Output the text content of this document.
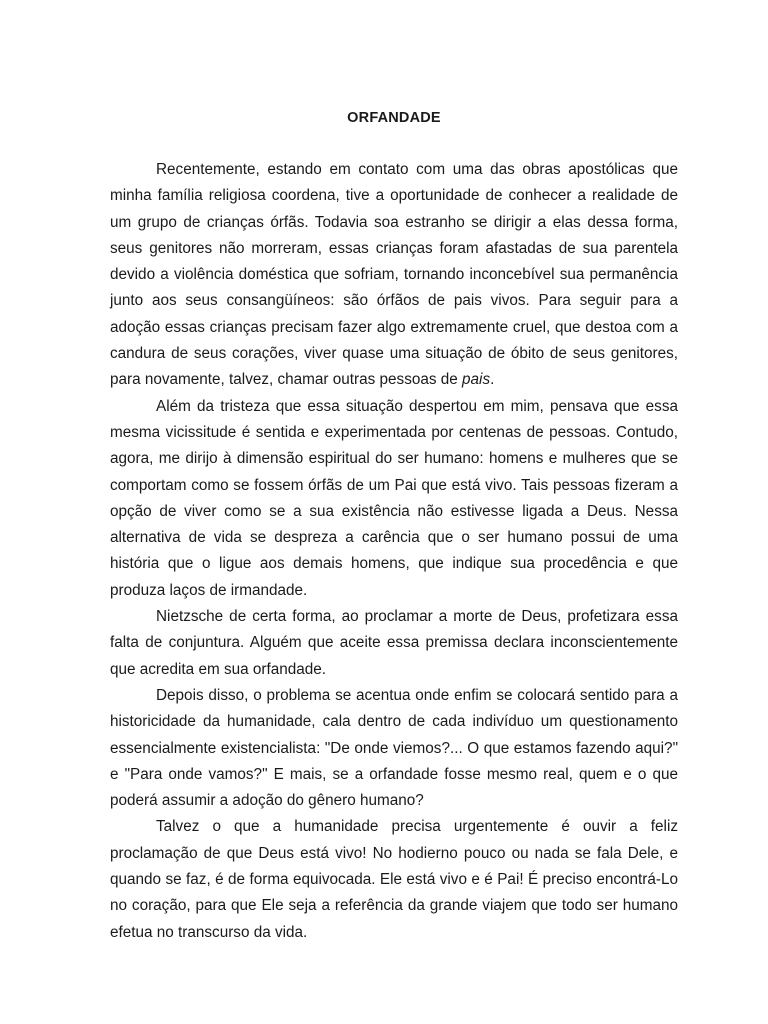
ORFANDADE

Recentemente, estando em contato com uma das obras apostólicas que minha família religiosa coordena, tive a oportunidade de conhecer a realidade de um grupo de crianças órfãs. Todavia soa estranho se dirigir a elas dessa forma, seus genitores não morreram, essas crianças foram afastadas de sua parentela devido a violência doméstica que sofriam, tornando inconcebível sua permanência junto aos seus consangüíneos: são órfãos de pais vivos. Para seguir para a adoção essas crianças precisam fazer algo extremamente cruel, que destoa com a candura de seus corações, viver quase uma situação de óbito de seus genitores, para novamente, talvez, chamar outras pessoas de pais.

Além da tristeza que essa situação despertou em mim, pensava que essa mesma vicissitude é sentida e experimentada por centenas de pessoas. Contudo, agora, me dirijo à dimensão espiritual do ser humano: homens e mulheres que se comportam como se fossem órfãs de um Pai que está vivo. Tais pessoas fizeram a opção de viver como se a sua existência não estivesse ligada a Deus. Nessa alternativa de vida se despreza a carência que o ser humano possui de uma história que o ligue aos demais homens, que indique sua procedência e que produza laços de irmandade.

Nietzsche de certa forma, ao proclamar a morte de Deus, profetizara essa falta de conjuntura. Alguém que aceite essa premissa declara inconscientemente que acredita em sua orfandade.

Depois disso, o problema se acentua onde enfim se colocará sentido para a historicidade da humanidade, cala dentro de cada indivíduo um questionamento essencialmente existencialista: "De onde viemos?... O que estamos fazendo aqui?" e "Para onde vamos?" E mais, se a orfandade fosse mesmo real, quem e o que poderá assumir a adoção do gênero humano?

Talvez o que a humanidade precisa urgentemente é ouvir a feliz proclamação de que Deus está vivo! No hodierno pouco ou nada se fala Dele, e quando se faz, é de forma equivocada. Ele está vivo e é Pai! É preciso encontrá-Lo no coração, para que Ele seja a referência da grande viajem que todo ser humano efetua no transcurso da vida.
